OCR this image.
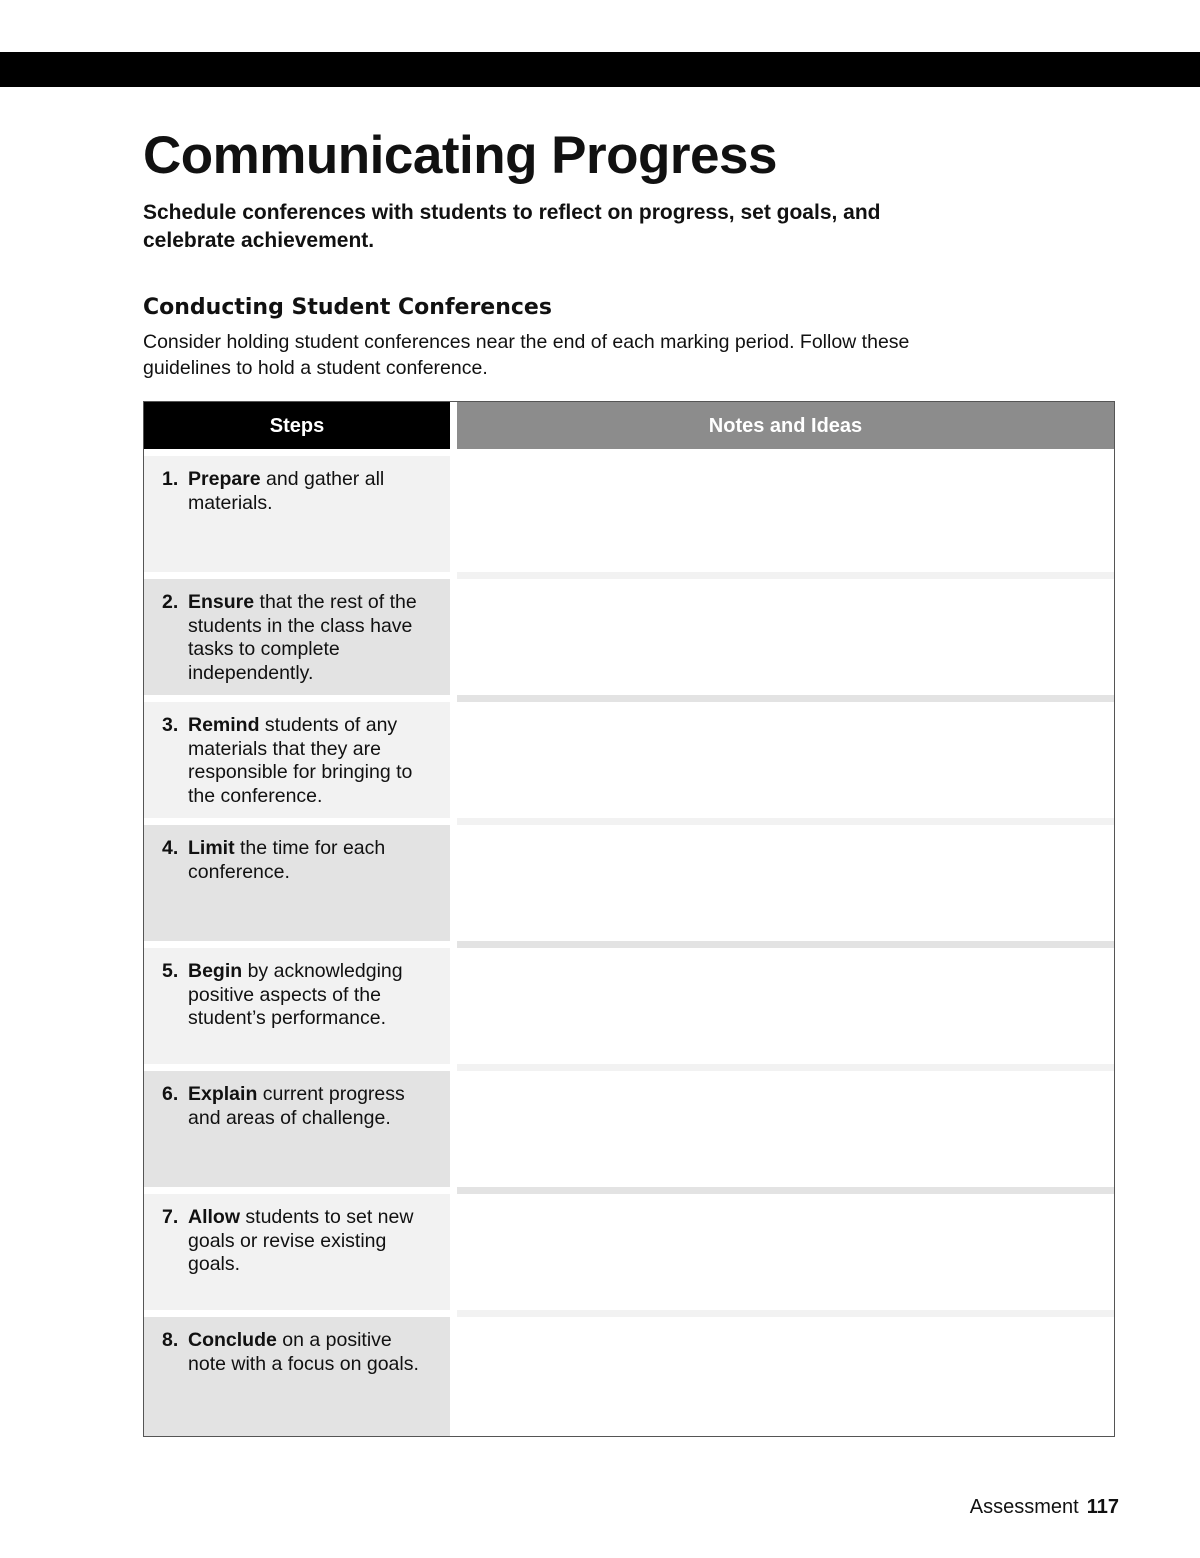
Communicating Progress

Schedule conferences with students to reflect on progress, set goals, and celebrate achievement.

Conducting Student Conferences

Consider holding student conferences near the end of each marking period. Follow these guidelines to hold a student conference.

Steps	Notes and Ideas
1. Prepare and gather all materials.
2. Ensure that the rest of the students in the class have tasks to complete independently.
3. Remind students of any materials that they are responsible for bringing to the conference.
4. Limit the time for each conference.
5. Begin by acknowledging positive aspects of the student’s performance.
6. Explain current progress and areas of challenge.
7. Allow students to set new goals or revise existing goals.
8. Conclude on a positive note with a focus on goals.
Assessment 117
